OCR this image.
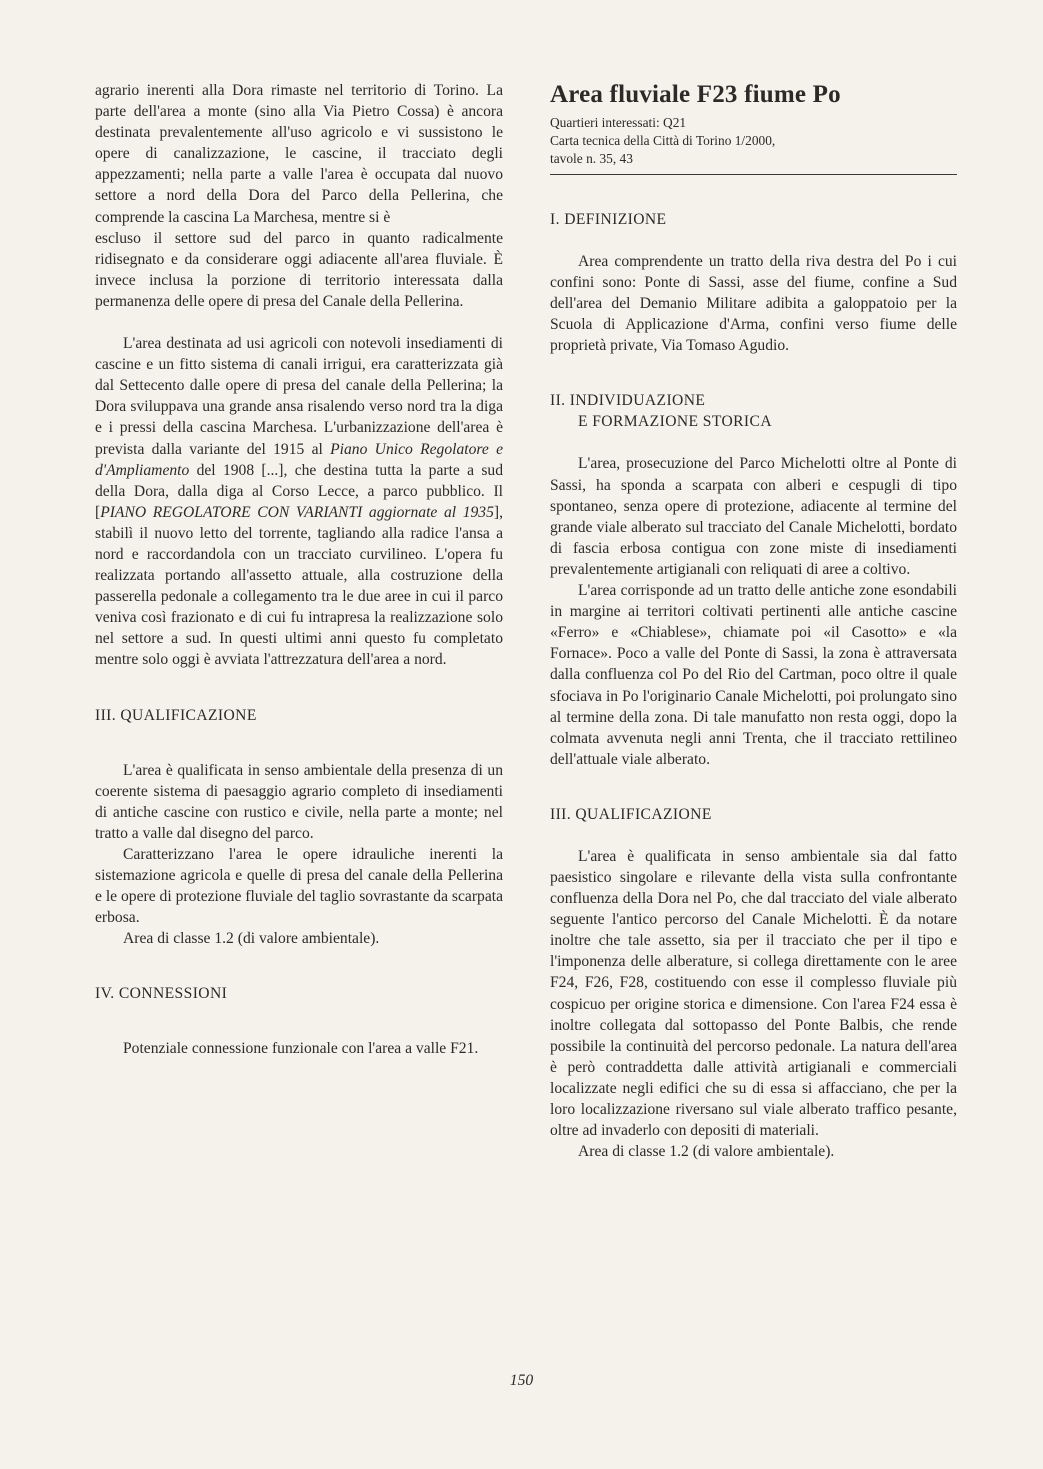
agrario inerenti alla Dora rimaste nel territorio di Torino. La parte dell'area a monte (sino alla Via Pietro Cossa) è ancora destinata prevalentemente all'uso agricolo e vi sussistono le opere di canalizzazione, le cascine, il tracciato degli appezzamenti; nella parte a valle l'area è occupata dal nuovo settore a nord della Dora del Parco della Pellerina, che comprende la cascina La Marchesa, mentre si è

escluso il settore sud del parco in quanto radicalmente ridisegnato e da considerare oggi adiacente all'area fluviale. È invece inclusa la porzione di territorio interessata dalla permanenza delle opere di presa del Canale della Pellerina.

L'area destinata ad usi agricoli con notevoli insediamenti di cascine e un fitto sistema di canali irrigui, era caratterizzata già dal Settecento dalle opere di presa del canale della Pellerina; la Dora sviluppava una grande ansa risalendo verso nord tra la diga e i pressi della cascina Marchesa. L'urbanizzazione dell'area è prevista dalla variante del 1915 al Piano Unico Regolatore e d'Ampliamento del 1908 [...], che destina tutta la parte a sud della Dora, dalla diga al Corso Lecce, a parco pubblico. Il [PIANO REGOLATORE CON VARIANTI aggiornate al 1935], stabilì il nuovo letto del torrente, tagliando alla radice l'ansa a nord e raccordandola con un tracciato curvilineo. L'opera fu realizzata portando all'assetto attuale, alla costruzione della passerella pedonale a collegamento tra le due aree in cui il parco veniva così frazionato e di cui fu intrapresa la realizzazione solo nel settore a sud. In questi ultimi anni questo fu completato mentre solo oggi è avviata l'attrezzatura dell'area a nord.

III. QUALIFICAZIONE

L'area è qualificata in senso ambientale della presenza di un coerente sistema di paesaggio agrario completo di insediamenti di antiche cascine con rustico e civile, nella parte a monte; nel tratto a valle dal disegno del parco.

Caratterizzano l'area le opere idrauliche inerenti la sistemazione agricola e quelle di presa del canale della Pellerina e le opere di protezione fluviale del taglio sovrastante da scarpata erbosa.

Area di classe 1.2 (di valore ambientale).

IV. CONNESSIONI

Potenziale connessione funzionale con l'area a valle F21.

Area fluviale F23 fiume Po
Quartieri interessati: Q21
Carta tecnica della Città di Torino 1/2000,
tavole n. 35, 43
I. DEFINIZIONE

Area comprendente un tratto della riva destra del Po i cui confini sono: Ponte di Sassi, asse del fiume, confine a Sud dell'area del Demanio Militare adibita a galoppatoio per la Scuola di Applicazione d'Arma, confini verso fiume delle proprietà private, Via Tomaso Agudio.

II. INDIVIDUAZIONE
E FORMAZIONE STORICA

L'area, prosecuzione del Parco Michelotti oltre al Ponte di Sassi, ha sponda a scarpata con alberi e cespugli di tipo spontaneo, senza opere di protezione, adiacente al termine del grande viale alberato sul tracciato del Canale Michelotti, bordato di fascia erbosa contigua con zone miste di insediamenti prevalentemente artigianali con reliquati di aree a coltivo.

L'area corrisponde ad un tratto delle antiche zone esondabili in margine ai territori coltivati pertinenti alle antiche cascine «Ferro» e «Chiablese», chiamate poi «il Casotto» e «la Fornace». Poco a valle del Ponte di Sassi, la zona è attraversata dalla confluenza col Po del Rio del Cartman, poco oltre il quale sfociava in Po l'originario Canale Michelotti, poi prolungato sino al termine della zona. Di tale manufatto non resta oggi, dopo la colmata avvenuta negli anni Trenta, che il tracciato rettilineo dell'attuale viale alberato.

III. QUALIFICAZIONE

L'area è qualificata in senso ambientale sia dal fatto paesistico singolare e rilevante della vista sulla confrontante confluenza della Dora nel Po, che dal tracciato del viale alberato seguente l'antico percorso del Canale Michelotti. È da notare inoltre che tale assetto, sia per il tracciato che per il tipo e l'imponenza delle alberature, si collega direttamente con le aree F24, F26, F28, costituendo con esse il complesso fluviale più cospicuo per origine storica e dimensione. Con l'area F24 essa è inoltre collegata dal sottopasso del Ponte Balbis, che rende possibile la continuità del percorso pedonale. La natura dell'area è però contraddetta dalle attività artigianali e commerciali localizzate negli edifici che su di essa si affacciano, che per la loro localizzazione riversano sul viale alberato traffico pesante, oltre ad invaderlo con depositi di materiali.

Area di classe 1.2 (di valore ambientale).

150
